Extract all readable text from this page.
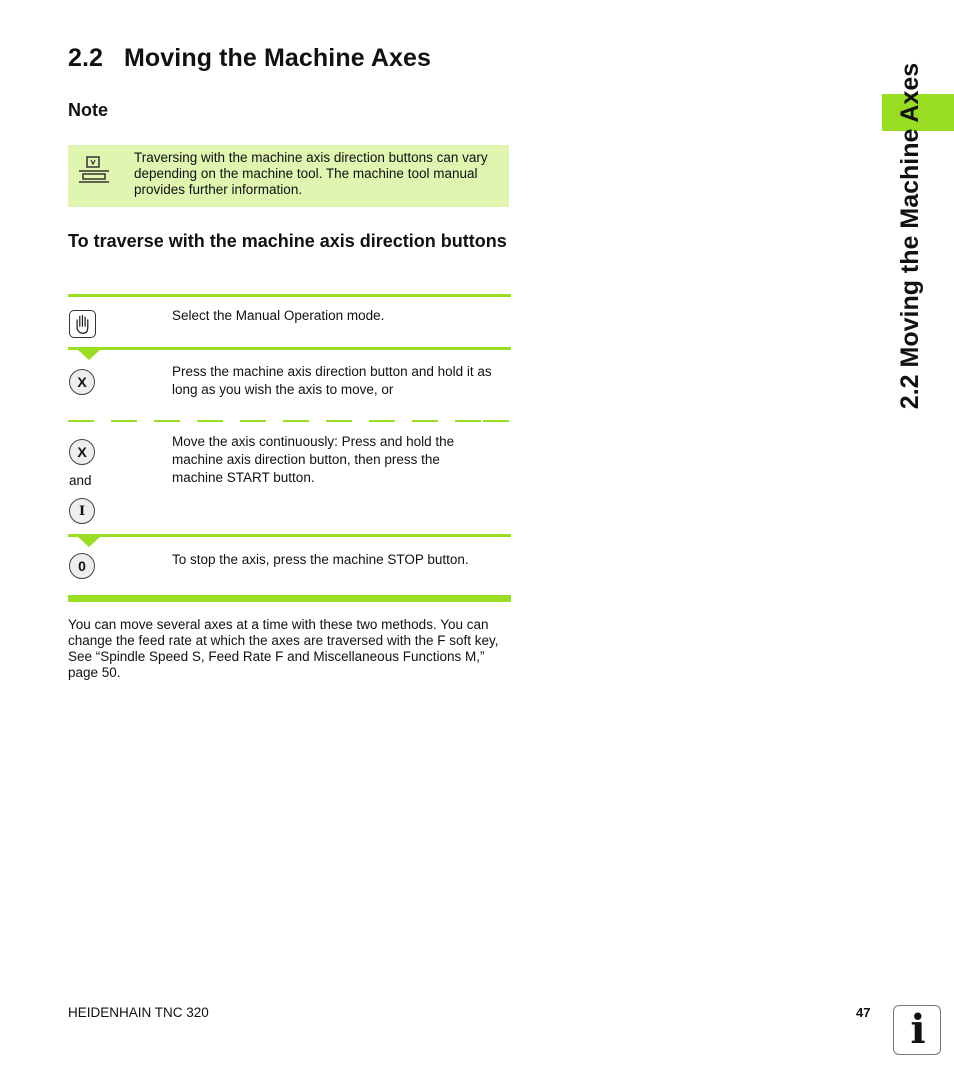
2.2 Moving the Machine Axes
Note
Traversing with the machine axis direction buttons can vary depending on the machine tool. The machine tool manual provides further information.
To traverse with the machine axis direction buttons
Select the Manual Operation mode.
X
Press the machine axis direction button and hold it as long as you wish the axis to move, or
X
and
I
Move the axis continuously: Press and hold the machine axis direction button, then press the machine START button.
0	To stop the axis, press the machine STOP button.
You can move several axes at a time with these two methods. You can change the feed rate at which the axes are traversed with the F soft key, See “Spindle Speed S, Feed Rate F and Miscellaneous Functions M,” page 50.
2.2 Moving the Machine Axes
HEIDENHAIN TNC 320	47 i
